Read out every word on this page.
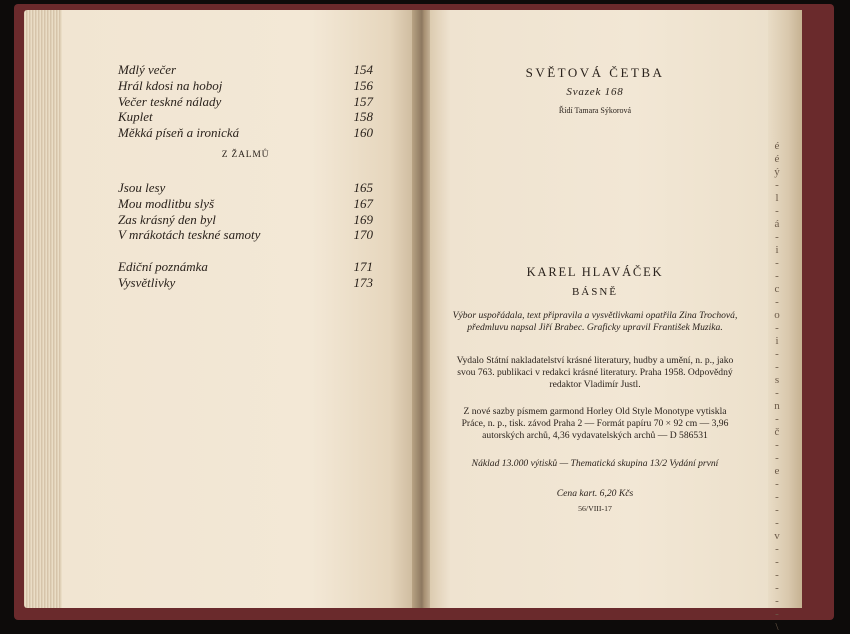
é
é
ý
-
l
-
á
-
i
-
-
c
-
o
-
i
-
-
s
-
n
-
č
-
-
e
-
-
-
-
v
-
-
-
-
-
-
\
Mdlý večer	154
Hrál kdosi na hoboj	156
Večer teskné nálady	157
Kuplet	158
Měkká píseň a ironická	160
Z ŽALMŮ
Jsou lesy	165
Mou modlitbu slyš	167
Zas krásný den byl	169
V mrákotách teskné samoty	170
Ediční poznámka	171
Vysvětlivky	173
SVĚTOVÁ ČETBA
Svazek 168
Řídí Tamara Sýkorová
KAREL HLAVÁČEK
BÁSNĚ
Výbor uspořádala, text připravila a vysvětlivkami opatřila Zina Trochová, předmluvu napsal Jiří Brabec. Graficky upravil František Muzika.
Vydalo Státní nakladatelství krásné literatury, hudby a umění, n. p., jako svou 763. publikaci v redakci krásné literatury. Praha 1958. Odpovědný redaktor Vladimír Justl.
Z nové sazby písmem garmond Horley Old Style Monotype vytiskla Práce, n. p., tisk. závod Praha 2 — Formát papíru 70 × 92 cm — 3,96 autorských archů, 4,36 vydavatelských archů — D 586531
Náklad 13.000 výtisků — Thematická skupina 13/2 Vydání první
Cena kart. 6,20 Kčs
56/VIII-17
